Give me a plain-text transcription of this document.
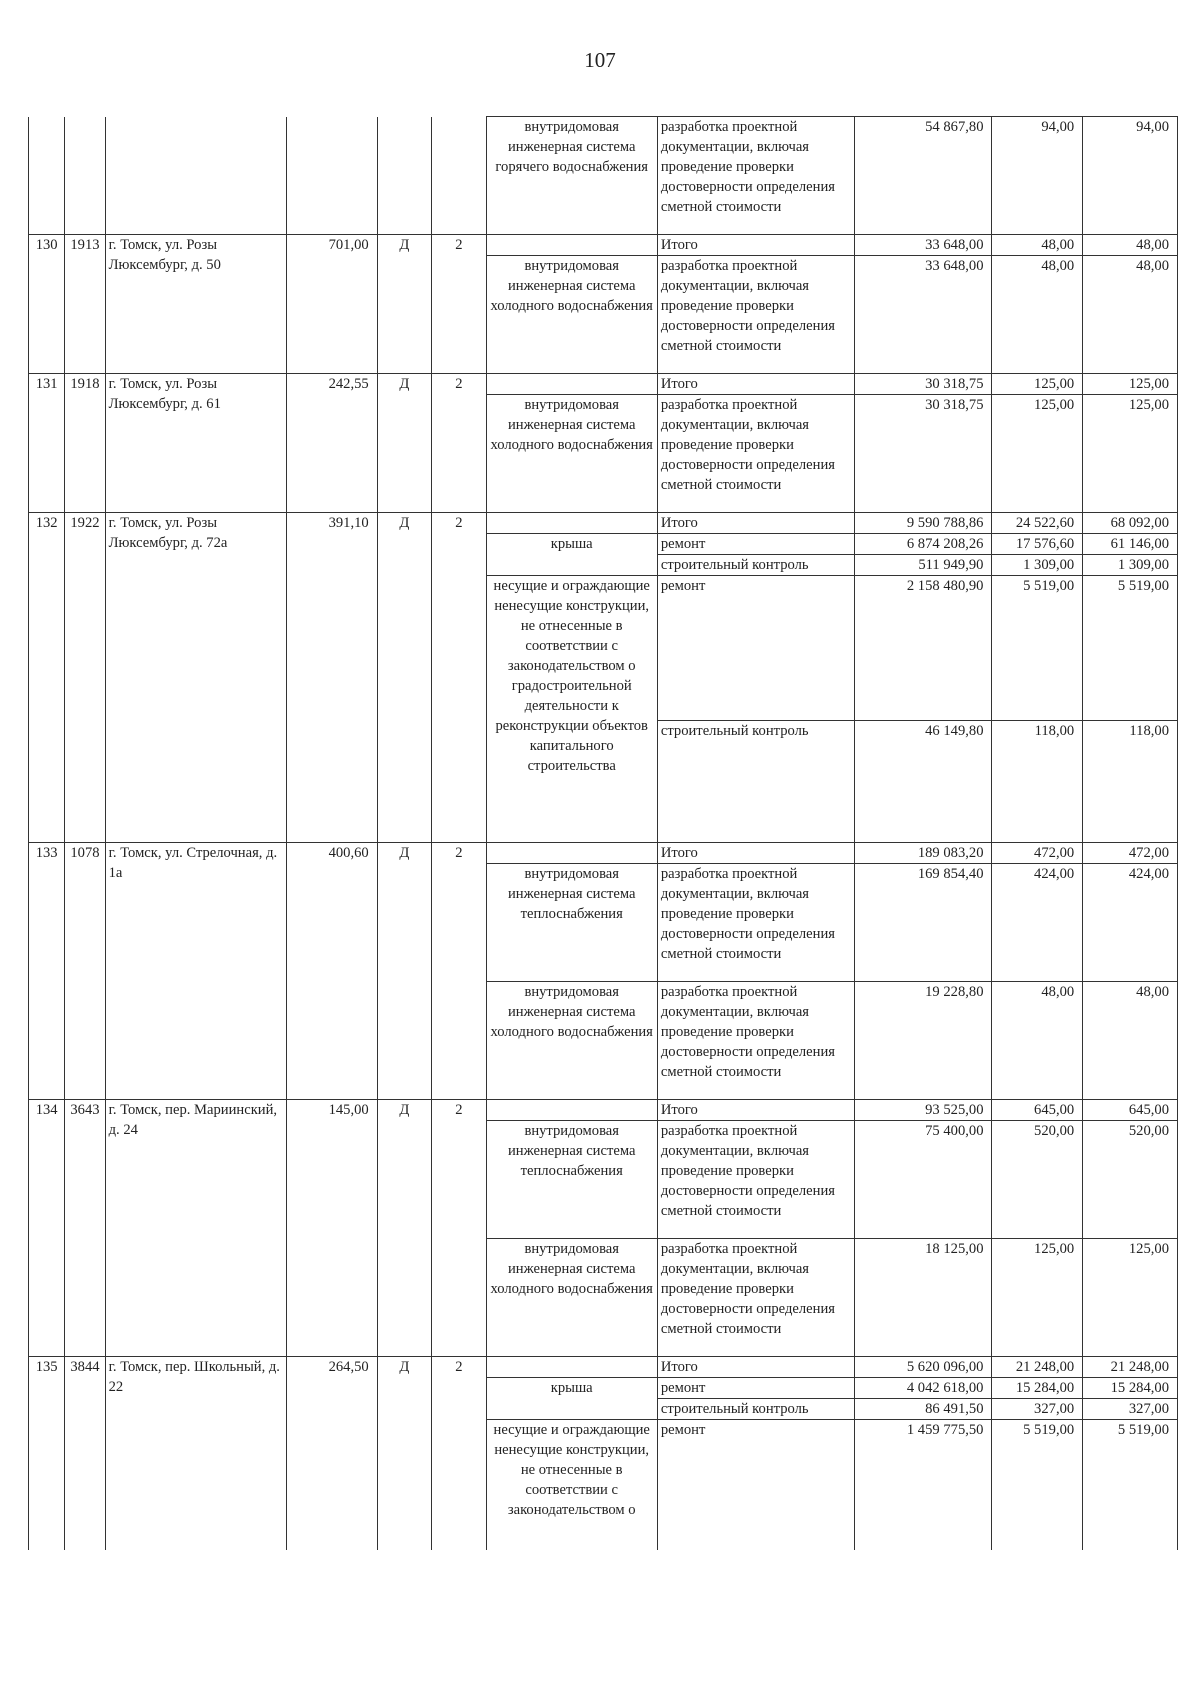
107
						внутридомовая инженерная система горячего водоснабжения	разработка проектной документации, включая проведение проверки достоверности определения сметной стоимости	54 867,80	94,00	94,00
130	1913	г. Томск, ул. Розы Люксембург, д. 50	701,00	Д	2		Итого	33 648,00	48,00	48,00
						внутридомовая инженерная система холодного водоснабжения	разработка проектной документации, включая проведение проверки достоверности определения сметной стоимости	33 648,00	48,00	48,00
131	1918	г. Томск, ул. Розы Люксембург, д. 61	242,55	Д	2		Итого	30 318,75	125,00	125,00
						внутридомовая инженерная система холодного водоснабжения	разработка проектной документации, включая проведение проверки достоверности определения сметной стоимости	30 318,75	125,00	125,00
132	1922	г. Томск, ул. Розы Люксембург, д. 72а	391,10	Д	2		Итого	9 590 788,86	24 522,60	68 092,00
						крыша	ремонт	6 874 208,26	17 576,60	61 146,00
							строительный контроль	511 949,90	1 309,00	1 309,00
						несущие и ограждающие ненесущие конструкции, не отнесенные в соответствии с законодательством о градостроительной деятельности к реконструкции объектов капитального строительства	ремонт	2 158 480,90	5 519,00	5 519,00
							строительный контроль	46 149,80	118,00	118,00
133	1078	г. Томск, ул. Стрелочная, д. 1а	400,60	Д	2		Итого	189 083,20	472,00	472,00
						внутридомовая инженерная система теплоснабжения	разработка проектной документации, включая проведение проверки достоверности определения сметной стоимости	169 854,40	424,00	424,00
						внутридомовая инженерная система холодного водоснабжения	разработка проектной документации, включая проведение проверки достоверности определения сметной стоимости	19 228,80	48,00	48,00
134	3643	г. Томск, пер. Мариинский, д. 24	145,00	Д	2		Итого	93 525,00	645,00	645,00
						внутридомовая инженерная система теплоснабжения	разработка проектной документации, включая проведение проверки достоверности определения сметной стоимости	75 400,00	520,00	520,00
						внутридомовая инженерная система холодного водоснабжения	разработка проектной документации, включая проведение проверки достоверности определения сметной стоимости	18 125,00	125,00	125,00
135	3844	г. Томск, пер. Школьный, д. 22	264,50	Д	2		Итого	5 620 096,00	21 248,00	21 248,00
						крыша	ремонт	4 042 618,00	15 284,00	15 284,00
							строительный контроль	86 491,50	327,00	327,00
						несущие и ограждающие ненесущие конструкции, не отнесенные в соответствии с законодательством о	ремонт	1 459 775,50	5 519,00	5 519,00
